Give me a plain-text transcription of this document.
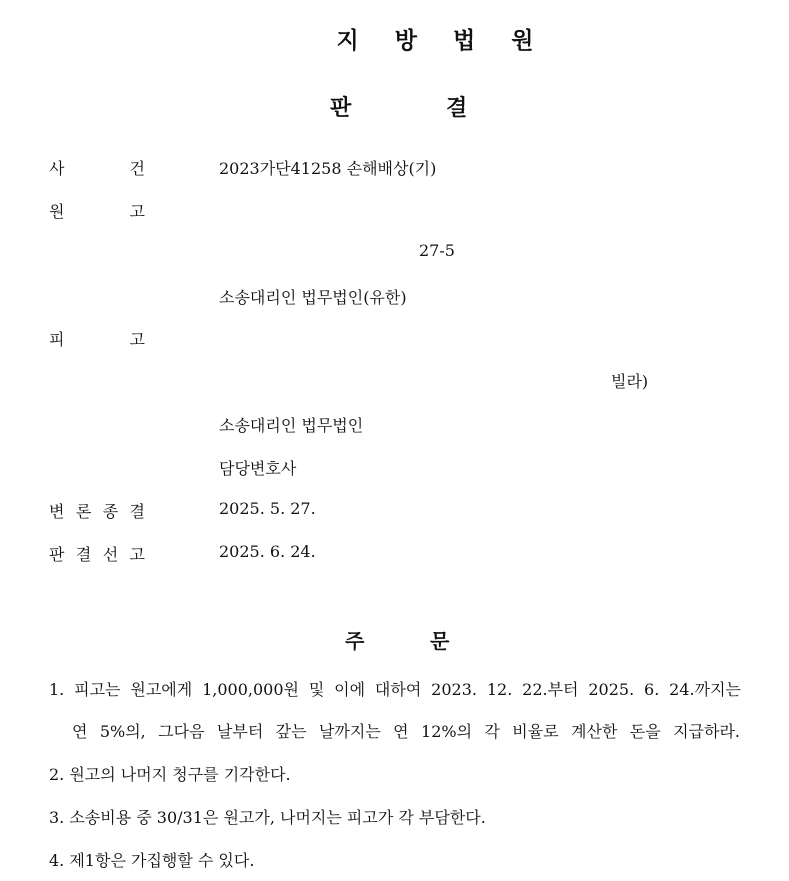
지 방 법 원
판	결
사	건	2023가단41258 손해배상(기)
원	고
27-5
소송대리인 법무법인(유한)
피	고
빌라)
소송대리인 법무법인
담당변호사
변 론 종 결	2025. 5. 27.
판 결 선 고	2025. 6. 24.
주	문
1. 피고는 원고에게 1,000,000원 및 이에 대하여 2023. 12. 22.부터 2025. 6. 24.까지는
연 5%의, 그다음 날부터 갚는 날까지는 연 12%의 각 비율로 계산한 돈을 지급하라.
2. 원고의 나머지 청구를 기각한다.
3. 소송비용 중 30/31은 원고가, 나머지는 피고가 각 부담한다.
4. 제1항은 가집행할 수 있다.
